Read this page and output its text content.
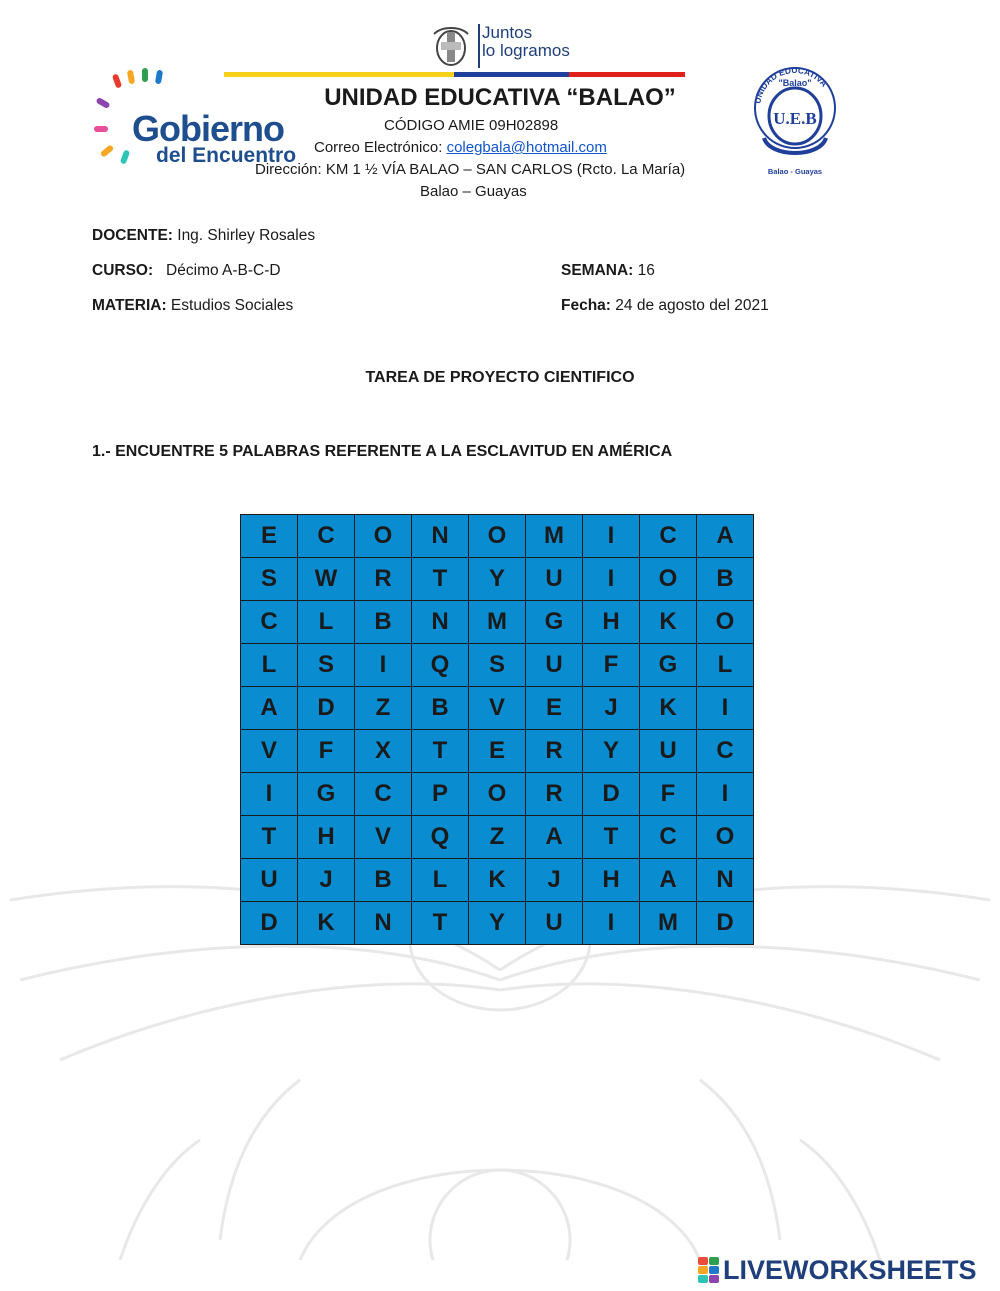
Gobierno
del Encuentro
Juntos
lo logramos
UNIDAD EDUCATIVA
"Balao"
U.E.B
Balao - Guayas
UNIDAD EDUCATIVA “BALAO”
CÓDIGO AMIE 09H02898
Correo Electrónico: colegbala@hotmail.com
Dirección: KM 1 ½ VÍA BALAO – SAN CARLOS (Rcto. La María)
Balao – Guayas
DOCENTE: Ing. Shirley Rosales
CURSO:   Décimo A-B-C-D	SEMANA: 16
MATERIA: Estudios Sociales	Fecha: 24 de agosto del 2021
TAREA DE PROYECTO CIENTIFICO
1.- ENCUENTRE 5 PALABRAS REFERENTE A LA ESCLAVITUD EN AMÉRICA
E	C	O	N	O	M	I	C	A
S	W	R	T	Y	U	I	O	B
C	L	B	N	M	G	H	K	O
L	S	I	Q	S	U	F	G	L
A	D	Z	B	V	E	J	K	I
V	F	X	T	E	R	Y	U	C
I	G	C	P	O	R	D	F	I
T	H	V	Q	Z	A	T	C	O
U	J	B	L	K	J	H	A	N
D	K	N	T	Y	U	I	M	D
LIVEWORKSHEETS
